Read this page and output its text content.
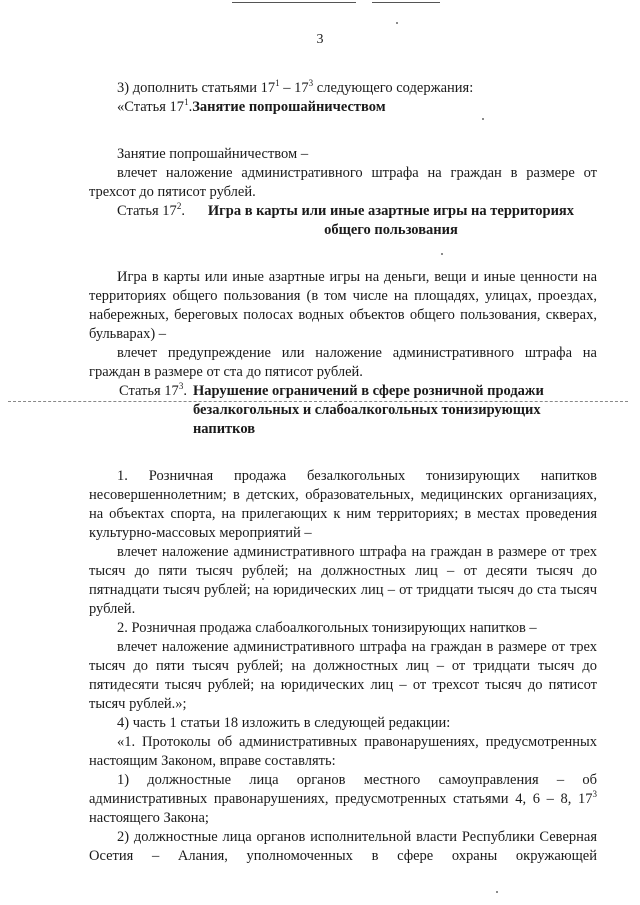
3

3) дополнить статьями $17^1 - 17^3$ следующего содержания:

«Статья $17^1$. Занятие попрошайничеством

Занятие попрошайничеством –

влечет наложение административного штрафа на граждан в размере от трехсот до пятисот рублей.

Статья $17^2$.	Игра в карты или иные азартные игры на территориях общего пользования

Игра в карты или иные азартные игры на деньги, вещи и иные ценности на территориях общего пользования (в том числе на площадях, улицах, проездах, набережных, береговых полосах водных объектов общего пользования, скверах, бульварах) –

влечет предупреждение или наложение административного штрафа на граждан в размере от ста до пятисот рублей.

Статья $17^3$. Нарушение ограничений в сфере розничной продажи безалкогольных и слабоалкогольных тонизирующих напитков

1. Розничная продажа безалкогольных тонизирующих напитков несовершеннолетним; в детских, образовательных, медицинских организациях, на объектах спорта, на прилегающих к ним территориях; в местах проведения культурно-массовых мероприятий –

влечет наложение административного штрафа на граждан в размере от трех тысяч до пяти тысяч рублей; на должностных лиц – от десяти тысяч до пятнадцати тысяч рублей; на юридических лиц – от тридцати тысяч до ста тысяч рублей.

2. Розничная продажа слабоалкогольных тонизирующих напитков –

влечет наложение административного штрафа на граждан в размере от трех тысяч до пяти тысяч рублей; на должностных лиц – от тридцати тысяч до пятидесяти тысяч рублей; на юридических лиц – от трехсот тысяч до пятисот тысяч рублей.»;

4) часть 1 статьи 18 изложить в следующей редакции:

«1. Протоколы об административных правонарушениях, предусмотренных настоящим Законом, вправе составлять:

1) должностные лица органов местного самоуправления – об административных правонарушениях, предусмотренных статьями 4, 6 – 8, $17^3$ настоящего Закона;

2) должностные лица органов исполнительной власти Республики Северная Осетия – Алания, уполномоченных в сфере охраны окружающей
